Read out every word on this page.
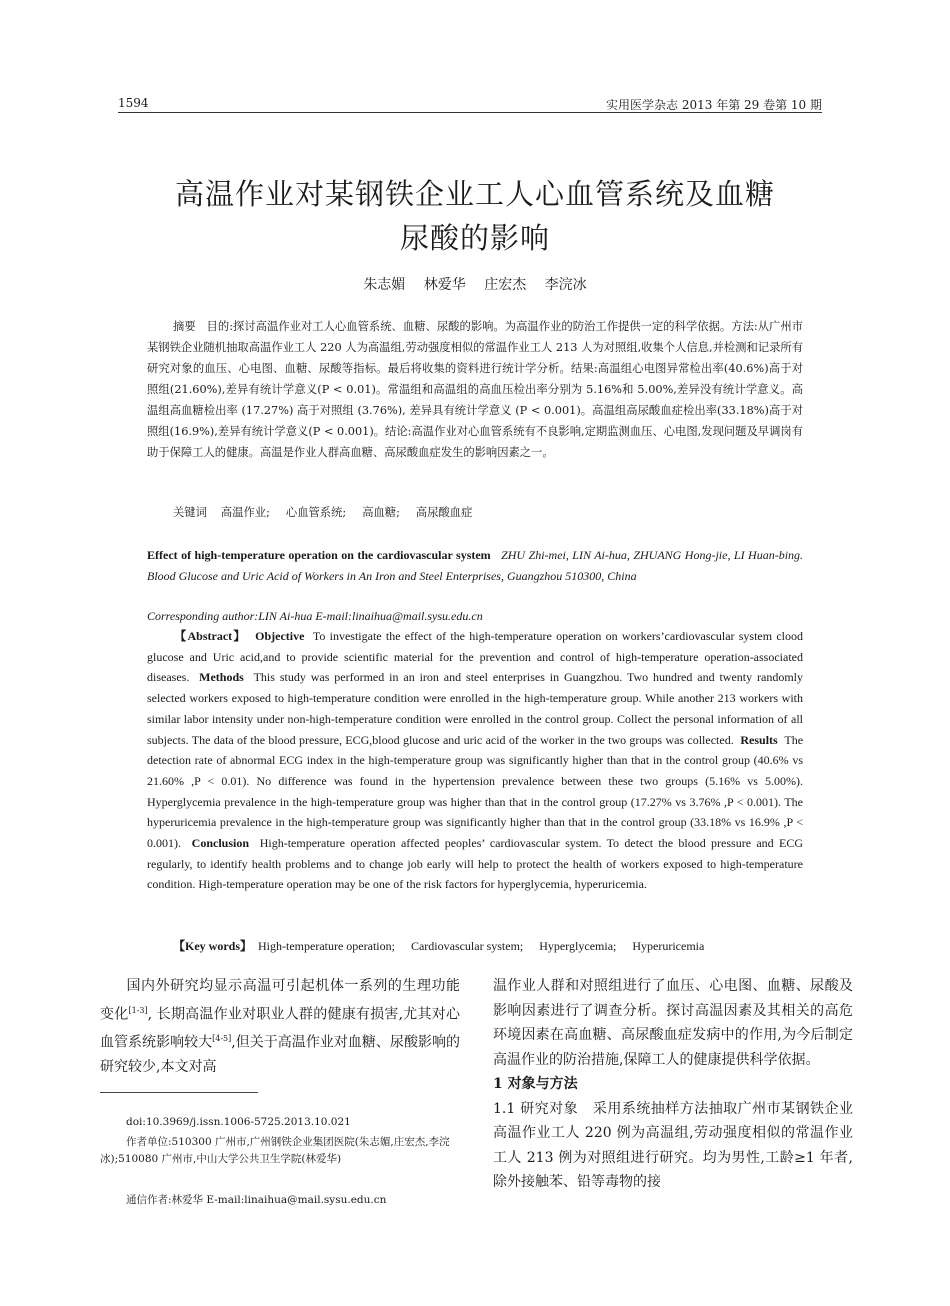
1594	实用医学杂志 2013 年第 29 卷第 10 期
高温作业对某钢铁企业工人心血管系统及血糖
尿酸的影响
朱志媚 林爱华 庄宏杰 李浣冰
摘要 目的:探讨高温作业对工人心血管系统、血糖、尿酸的影响。为高温作业的防治工作提供一定的科学依据。方法:从广州市某钢铁企业随机抽取高温作业工人 220 人为高温组,劳动强度相似的常温作业工人 213 人为对照组,收集个人信息,并检测和记录所有研究对象的血压、心电图、血糖、尿酸等指标。最后将收集的资料进行统计学分析。结果:高温组心电图异常检出率(40.6%)高于对照组(21.60%),差异有统计学意义(P < 0.01)。常温组和高温组的高血压检出率分别为 5.16%和 5.00%,差异没有统计学意义。高温组高血糖检出率 (17.27%) 高于对照组 (3.76%), 差异具有统计学意义 (P < 0.001)。高温组高尿酸血症检出率(33.18%)高于对照组(16.9%),差异有统计学意义(P < 0.001)。结论:高温作业对心血管系统有不良影响,定期监测血压、心电图,发现问题及早调岗有助于保障工人的健康。高温是作业人群高血糖、高尿酸血症发生的影响因素之一。
关键词 高温作业; 心血管系统; 高血糖; 高尿酸血症
Effect of high-temperature operation on the cardiovascular system ZHU Zhi-mei, LIN Ai-hua, ZHUANG Hong-jie, LI Huan-bing. Blood Glucose and Uric Acid of Workers in An Iron and Steel Enterprises, Guangzhou 510300, China
Corresponding author:LIN Ai-hua E-mail:linaihua@mail.sysu.edu.cn
【Abstract】 Objective To investigate the effect of the high-temperature operation on workers’cardiovascular system clood glucose and Uric acid,and to provide scientific material for the prevention and control of high-temperature operation-associated diseases. Methods This study was performed in an iron and steel enterprises in Guangzhou. Two hundred and twenty randomly selected workers exposed to high-temperature condition were enrolled in the high-temperature group. While another 213 workers with similar labor intensity under non-high-temperature condition were enrolled in the control group. Collect the personal information of all subjects. The data of the blood pressure, ECG,blood glucose and uric acid of the worker in the two groups was collected. Results The detection rate of abnormal ECG index in the high-temperature group was significantly higher than that in the control group (40.6% vs 21.60% ,P < 0.01). No difference was found in the hypertension prevalence between these two groups (5.16% vs 5.00%). Hyperglycemia prevalence in the high-temperature group was higher than that in the control group (17.27% vs 3.76% ,P < 0.001). The hyperuricemia prevalence in the high-temperature group was significantly higher than that in the control group (33.18% vs 16.9% ,P < 0.001). Conclusion High-temperature operation affected peoples’ cardiovascular system. To detect the blood pressure and ECG regularly, to identify health problems and to change job early will help to protect the health of workers exposed to high-temperature condition. High-temperature operation may be one of the risk factors for hyperglycemia, hyperuricemia.
【Key words】 High-temperature operation; Cardiovascular system; Hyperglycemia; Hyperuricemia
国内外研究均显示高温可引起机体一系列的生理功能变化[1-3], 长期高温作业对职业人群的健康有损害,尤其对心血管系统影响较大[4-5],但关于高温作业对血糖、尿酸影响的研究较少,本文对高
doi:10.3969/j.issn.1006-5725.2013.10.021
作者单位:510300 广州市,广州钢铁企业集团医院(朱志媚,庄宏杰,李浣冰);510080 广州市,中山大学公共卫生学院(林爱华)
通信作者:林爱华 E-mail:linaihua@mail.sysu.edu.cn
温作业人群和对照组进行了血压、心电图、血糖、尿酸及影响因素进行了调查分析。探讨高温因素及其相关的高危环境因素在高血糖、高尿酸血症发病中的作用,为今后制定高温作业的防治措施,保障工人的健康提供科学依据。
1 对象与方法
1.1 研究对象 采用系统抽样方法抽取广州市某钢铁企业高温作业工人 220 例为高温组,劳动强度相似的常温作业工人 213 例为对照组进行研究。均为男性,工龄≥1 年者,除外接触苯、铅等毒物的接
